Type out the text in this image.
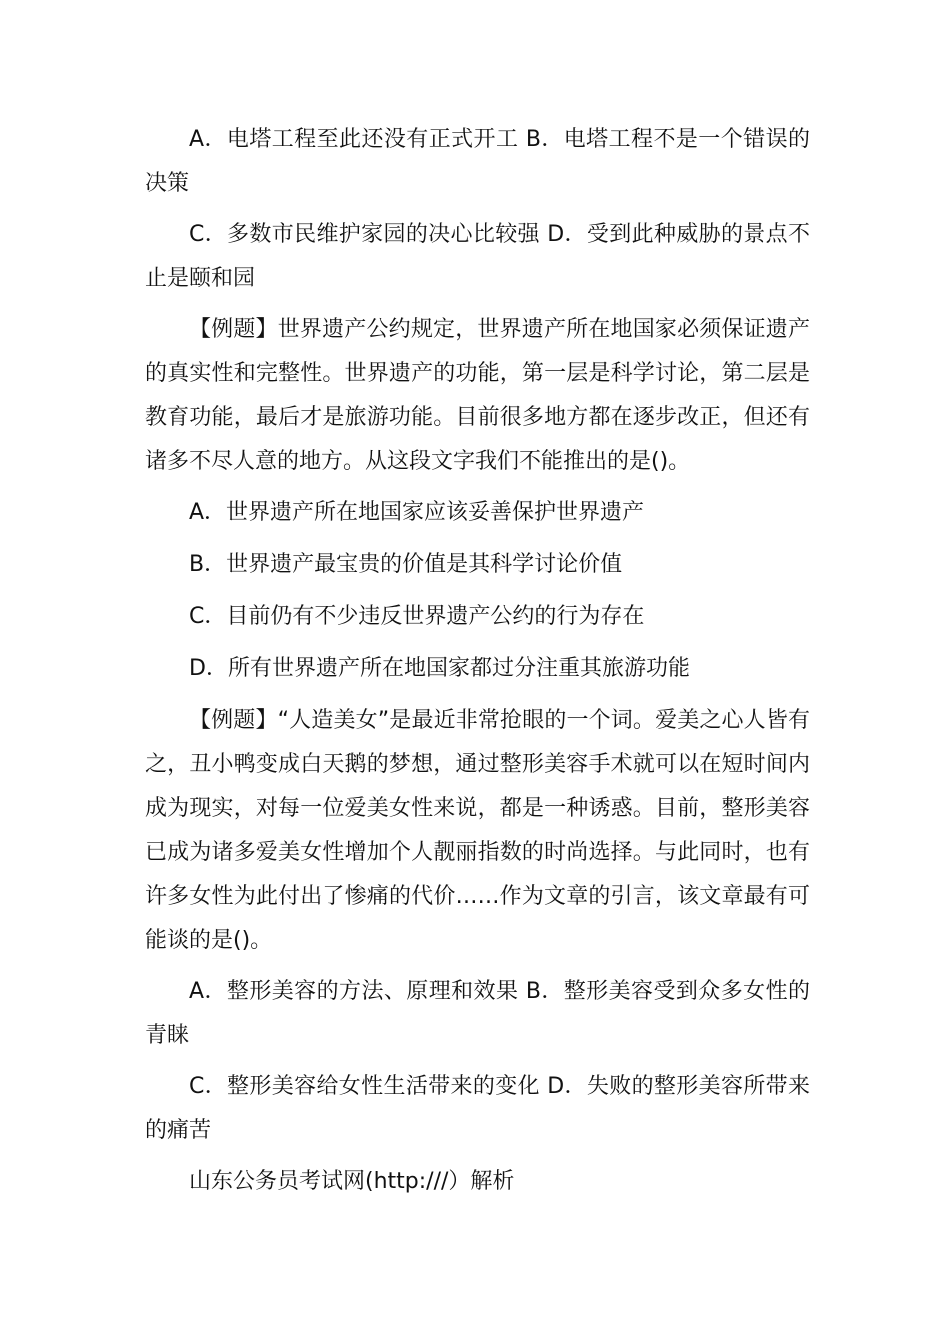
A．电塔工程至此还没有正式开工 B．电塔工程不是一个错误的决策

C．多数市民维护家园的决心比较强 D．受到此种威胁的景点不止是颐和园

【例题】世界遗产公约规定，世界遗产所在地国家必须保证遗产的真实性和完整性。世界遗产的功能，第一层是科学讨论，第二层是教育功能，最后才是旅游功能。目前很多地方都在逐步改正，但还有诸多不尽人意的地方。从这段文字我们不能推出的是()。

A．世界遗产所在地国家应该妥善保护世界遗产

B．世界遗产最宝贵的价值是其科学讨论价值

C．目前仍有不少违反世界遗产公约的行为存在

D．所有世界遗产所在地国家都过分注重其旅游功能

【例题】“人造美女”是最近非常抢眼的一个词。爱美之心人皆有之，丑小鸭变成白天鹅的梦想，通过整形美容手术就可以在短时间内成为现实，对每一位爱美女性来说，都是一种诱惑。目前，整形美容已成为诸多爱美女性增加个人靓丽指数的时尚选择。与此同时，也有许多女性为此付出了惨痛的代价……作为文章的引言，该文章最有可能谈的是()。

A．整形美容的方法、原理和效果 B．整形美容受到众多女性的青睐

C．整形美容给女性生活带来的变化 D．失败的整形美容所带来的痛苦

山东公务员考试网(http:///）解析
